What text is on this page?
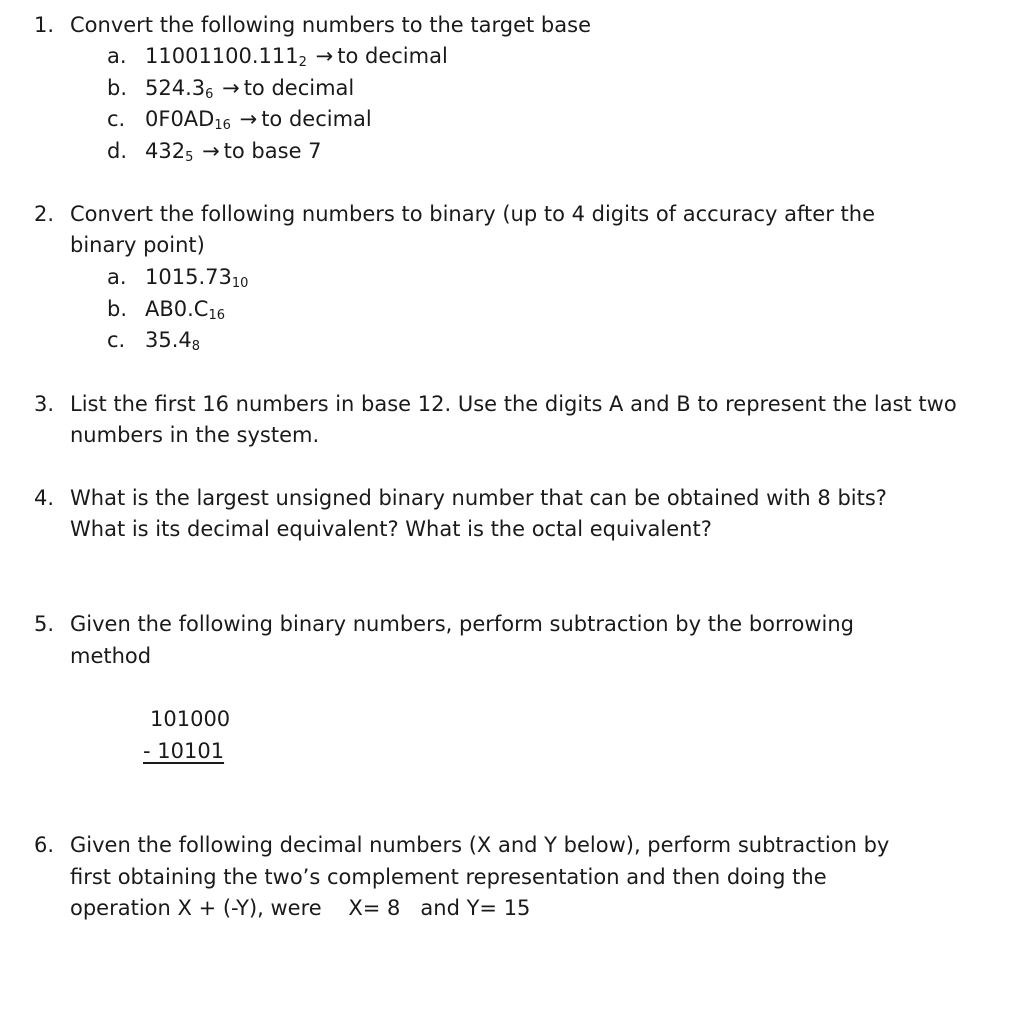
1. Convert the following numbers to the target base
a. $11001100.111_2$ → to decimal
b. $524.3_6$ → to decimal
c. $0F0AD_{16}$ → to decimal
d. $432_5$ → to base 7
2. Convert the following numbers to binary (up to 4 digits of accuracy after the
binary point)
a. $1015.73_{10}$
b. $AB0.C_{16}$
c. $35.4_8$
3. List the first 16 numbers in base 12. Use the digits A and B to represent the last two
numbers in the system.
4. What is the largest unsigned binary number that can be obtained with 8 bits?
What is its decimal equivalent? What is the octal equivalent?
5. Given the following binary numbers, perform subtraction by the borrowing
method
101000
- 10101
6. Given the following decimal numbers (X and Y below), perform subtraction by
first obtaining the two’s complement representation and then doing the
operation X + (-Y), were    X= 8   and Y= 15
